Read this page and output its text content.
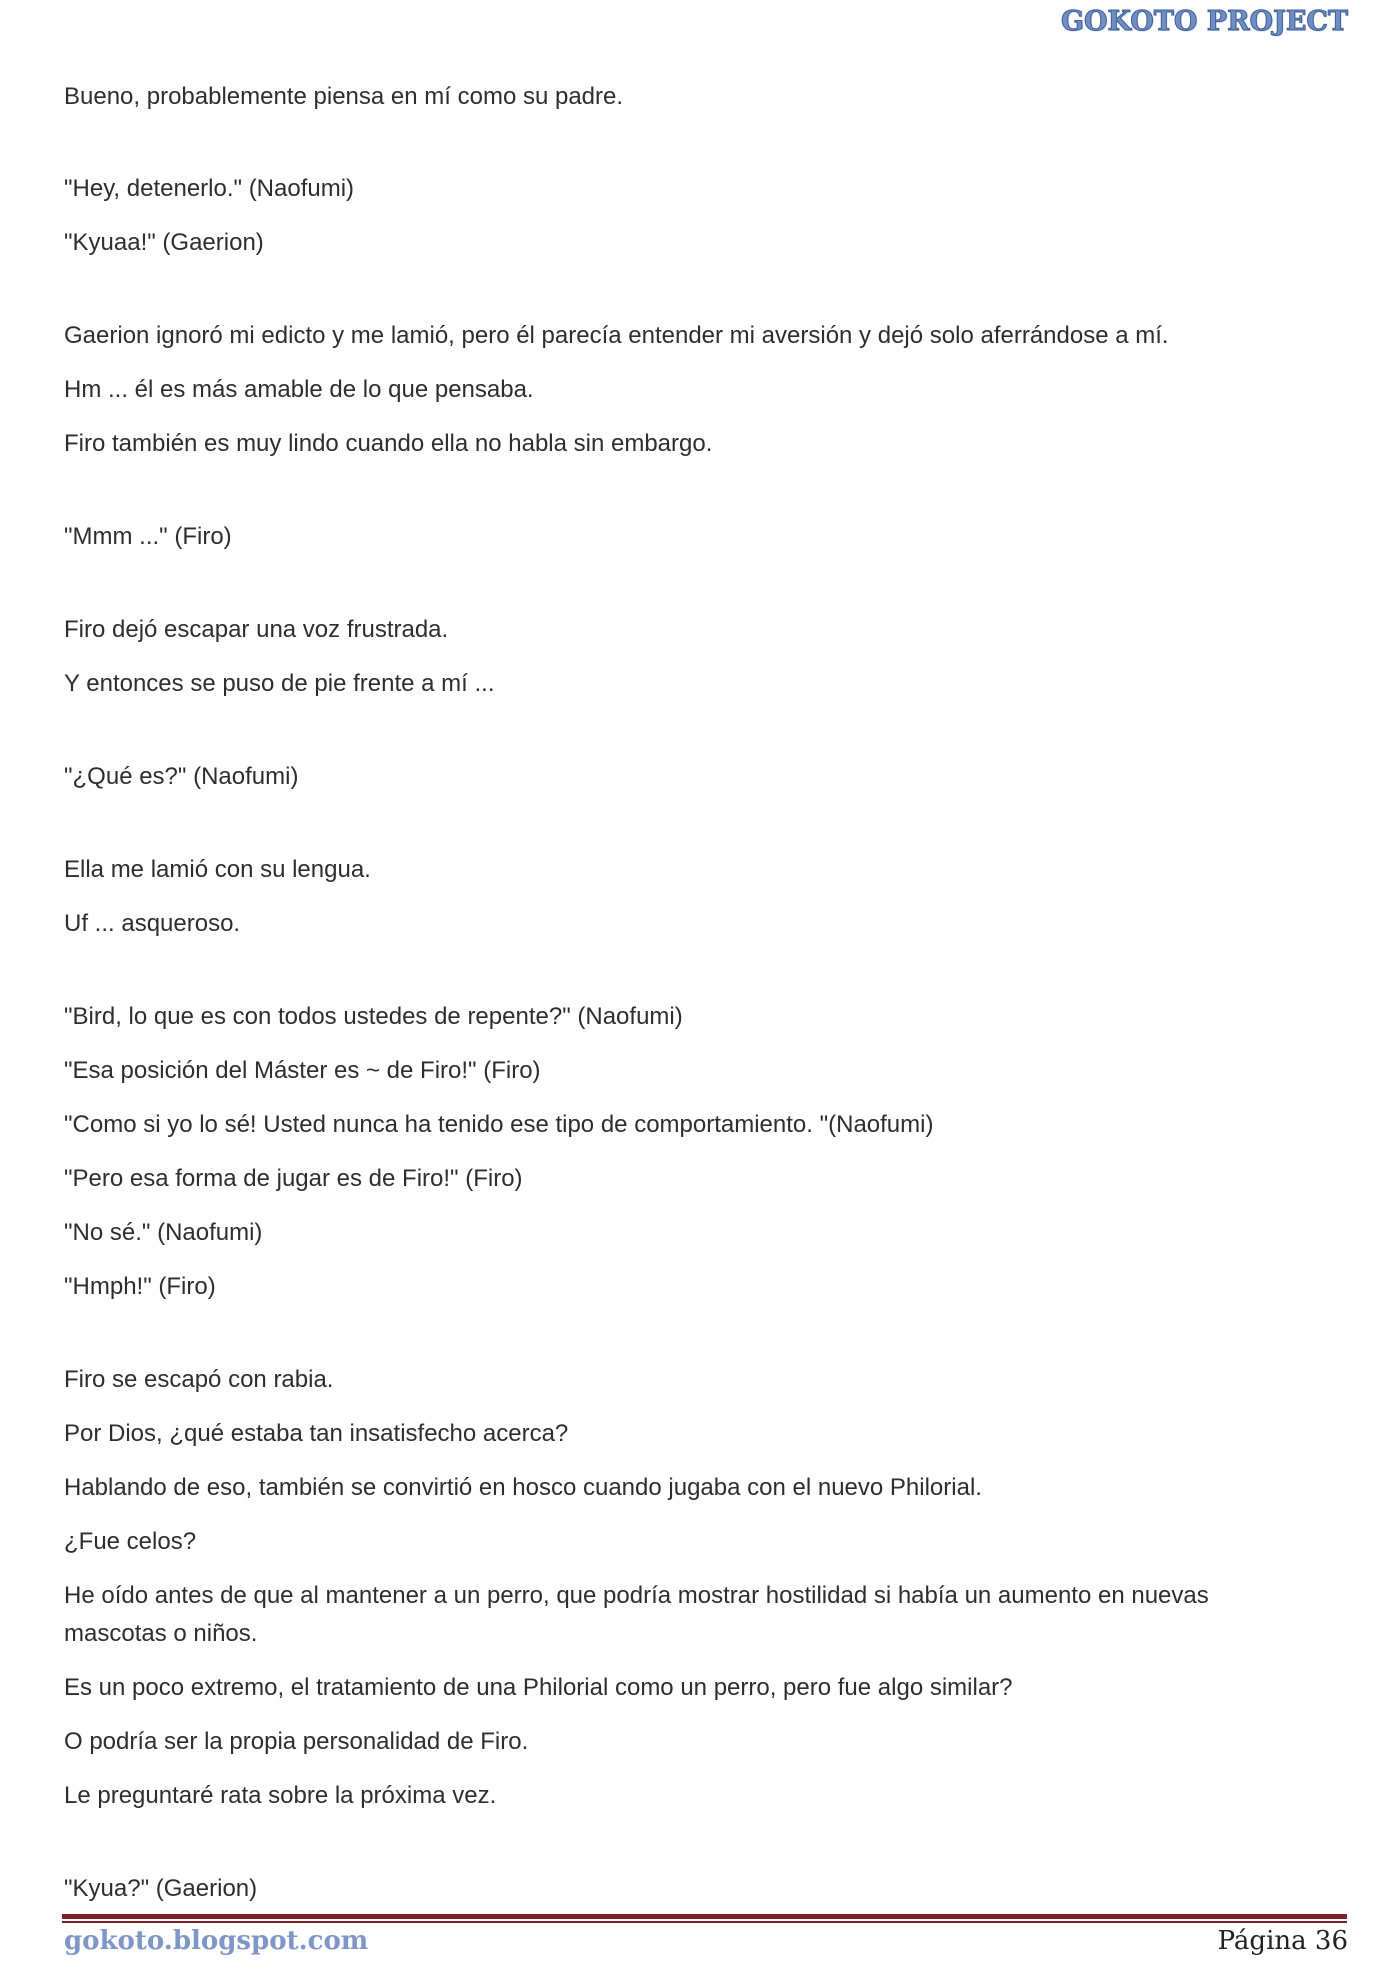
GOKOTO PROJECT

Bueno, probablemente piensa en mí como su padre.

"Hey, detenerlo." (Naofumi)

"Kyuaa!" (Gaerion)

Gaerion ignoró mi edicto y me lamió, pero él parecía entender mi aversión y dejó solo aferrándose a mí.

Hm ... él es más amable de lo que pensaba.

Firo también es muy lindo cuando ella no habla sin embargo.

"Mmm ..." (Firo)

Firo dejó escapar una voz frustrada.

Y entonces se puso de pie frente a mí ...

"¿Qué es?" (Naofumi)

Ella me lamió con su lengua.

Uf ... asqueroso.

"Bird, lo que es con todos ustedes de repente?" (Naofumi)

"Esa posición del Máster es ~ de Firo!" (Firo)

"Como si yo lo sé! Usted nunca ha tenido ese tipo de comportamiento. "(Naofumi)

"Pero esa forma de jugar es de Firo!" (Firo)

"No sé." (Naofumi)

"Hmph!" (Firo)

Firo se escapó con rabia.

Por Dios, ¿qué estaba tan insatisfecho acerca?

Hablando de eso, también se convirtió en hosco cuando jugaba con el nuevo Philorial.

¿Fue celos?

He oído antes de que al mantener a un perro, que podría mostrar hostilidad si había un aumento en nuevas mascotas o niños.

Es un poco extremo, el tratamiento de una Philorial como un perro, pero fue algo similar?

O podría ser la propia personalidad de Firo.

Le preguntaré rata sobre la próxima vez.

"Kyua?" (Gaerion)

gokoto.blogspot.com	Página 36
